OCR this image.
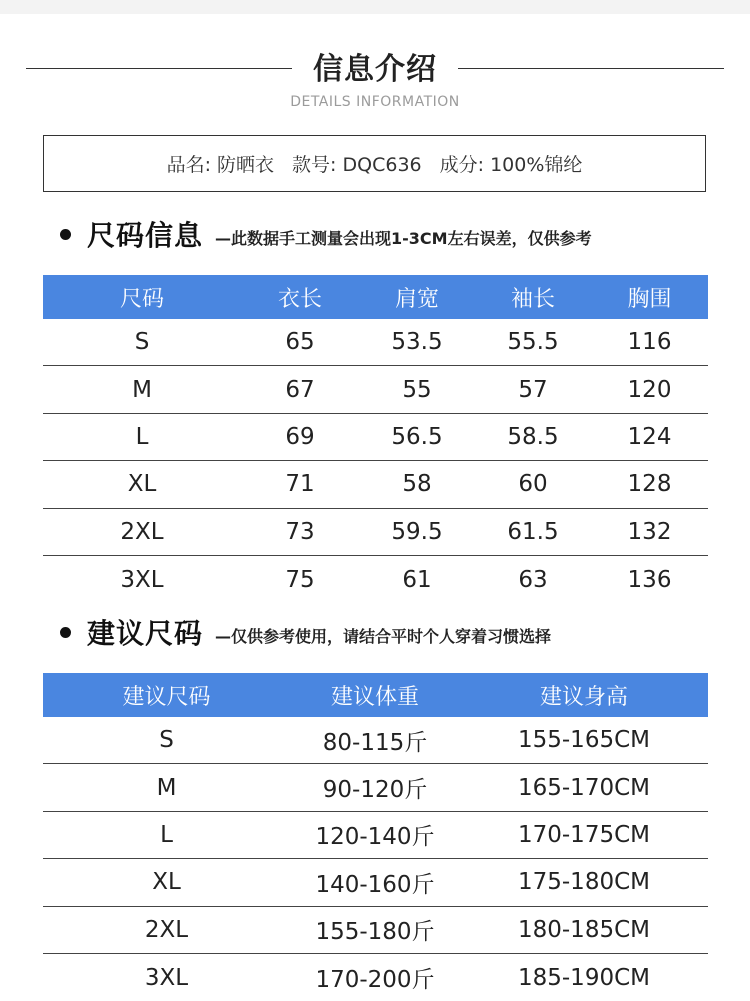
信息介绍
DETAILS INFORMATION
品名: 防晒衣 款号: DQC636 成分: 100%锦纶
尺码信息 —此数据手工测量会出现1-3CM左右误差，仅供参考
尺码	衣长	肩宽	袖长	胸围
S	65	53.5	55.5	116
M	67	55	57	120
L	69	56.5	58.5	124
XL	71	58	60	128
2XL	73	59.5	61.5	132
3XL	75	61	63	136
建议尺码 —仅供参考使用，请结合平时个人穿着习惯选择
建议尺码	建议体重	建议身高
S	80-115斤	155-165CM
M	90-120斤	165-170CM
L	120-140斤	170-175CM
XL	140-160斤	175-180CM
2XL	155-180斤	180-185CM
3XL	170-200斤	185-190CM
